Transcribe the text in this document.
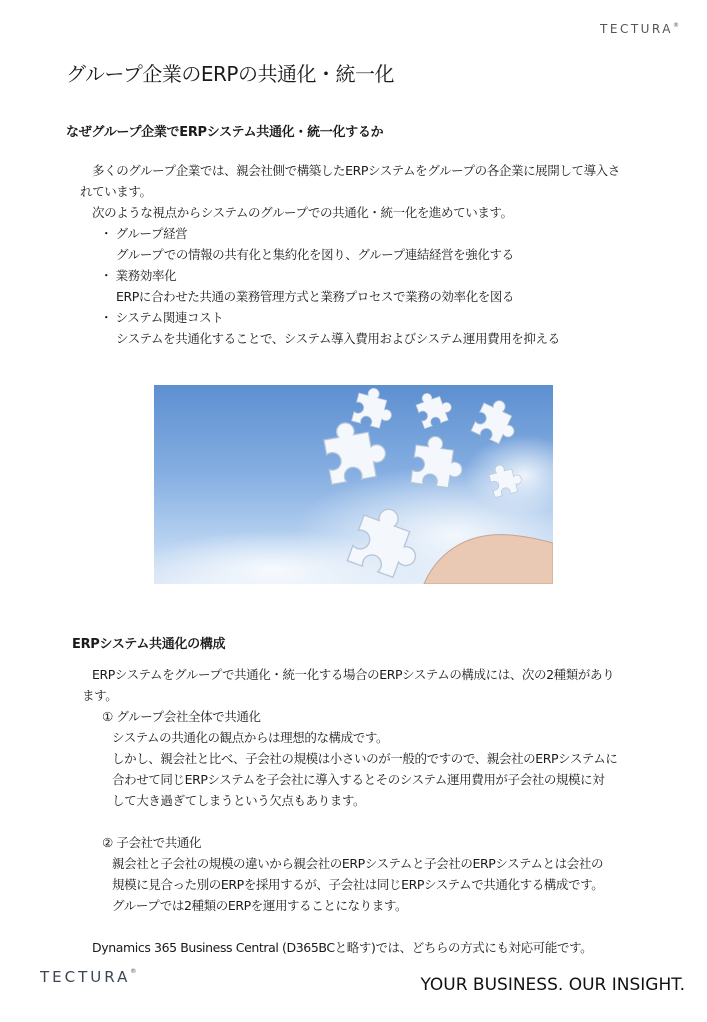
TECTURA®
グループ企業のERPの共通化・統一化
なぜグループ企業でERPシステム共通化・統一化するか
多くのグループ企業では、親会社側で構築したERPシステムをグループの各企業に展開して導入さ
れています。
次のような視点からシステムのグループでの共通化・統一化を進めています。
・ グループ経営
グループでの情報の共有化と集約化を図り、グループ連結経営を強化する
・ 業務効率化
ERPに合わせた共通の業務管理方式と業務プロセスで業務の効率化を図る
・ システム関連コスト
システムを共通化することで、システム導入費用およびシステム運用費用を抑える
ERPシステム共通化の構成
ERPシステムをグループで共通化・統一化する場合のERPシステムの構成には、次の2種類があり
ます。
① グループ会社全体で共通化
システムの共通化の観点からは理想的な構成です。
しかし、親会社と比べ、子会社の規模は小さいのが一般的ですので、親会社のERPシステムに
合わせて同じERPシステムを子会社に導入するとそのシステム運用費用が子会社の規模に対
して大き過ぎてしまうという欠点もあります。
② 子会社で共通化
親会社と子会社の規模の違いから親会社のERPシステムと子会社のERPシステムとは会社の
規模に見合った別のERPを採用するが、子会社は同じERPシステムで共通化する構成です。
グループでは2種類のERPを運用することになります。
Dynamics 365 Business Central (D365BCと略す)では、どちらの方式にも対応可能です。
TECTURA®
YOUR BUSINESS. OUR INSIGHT.
